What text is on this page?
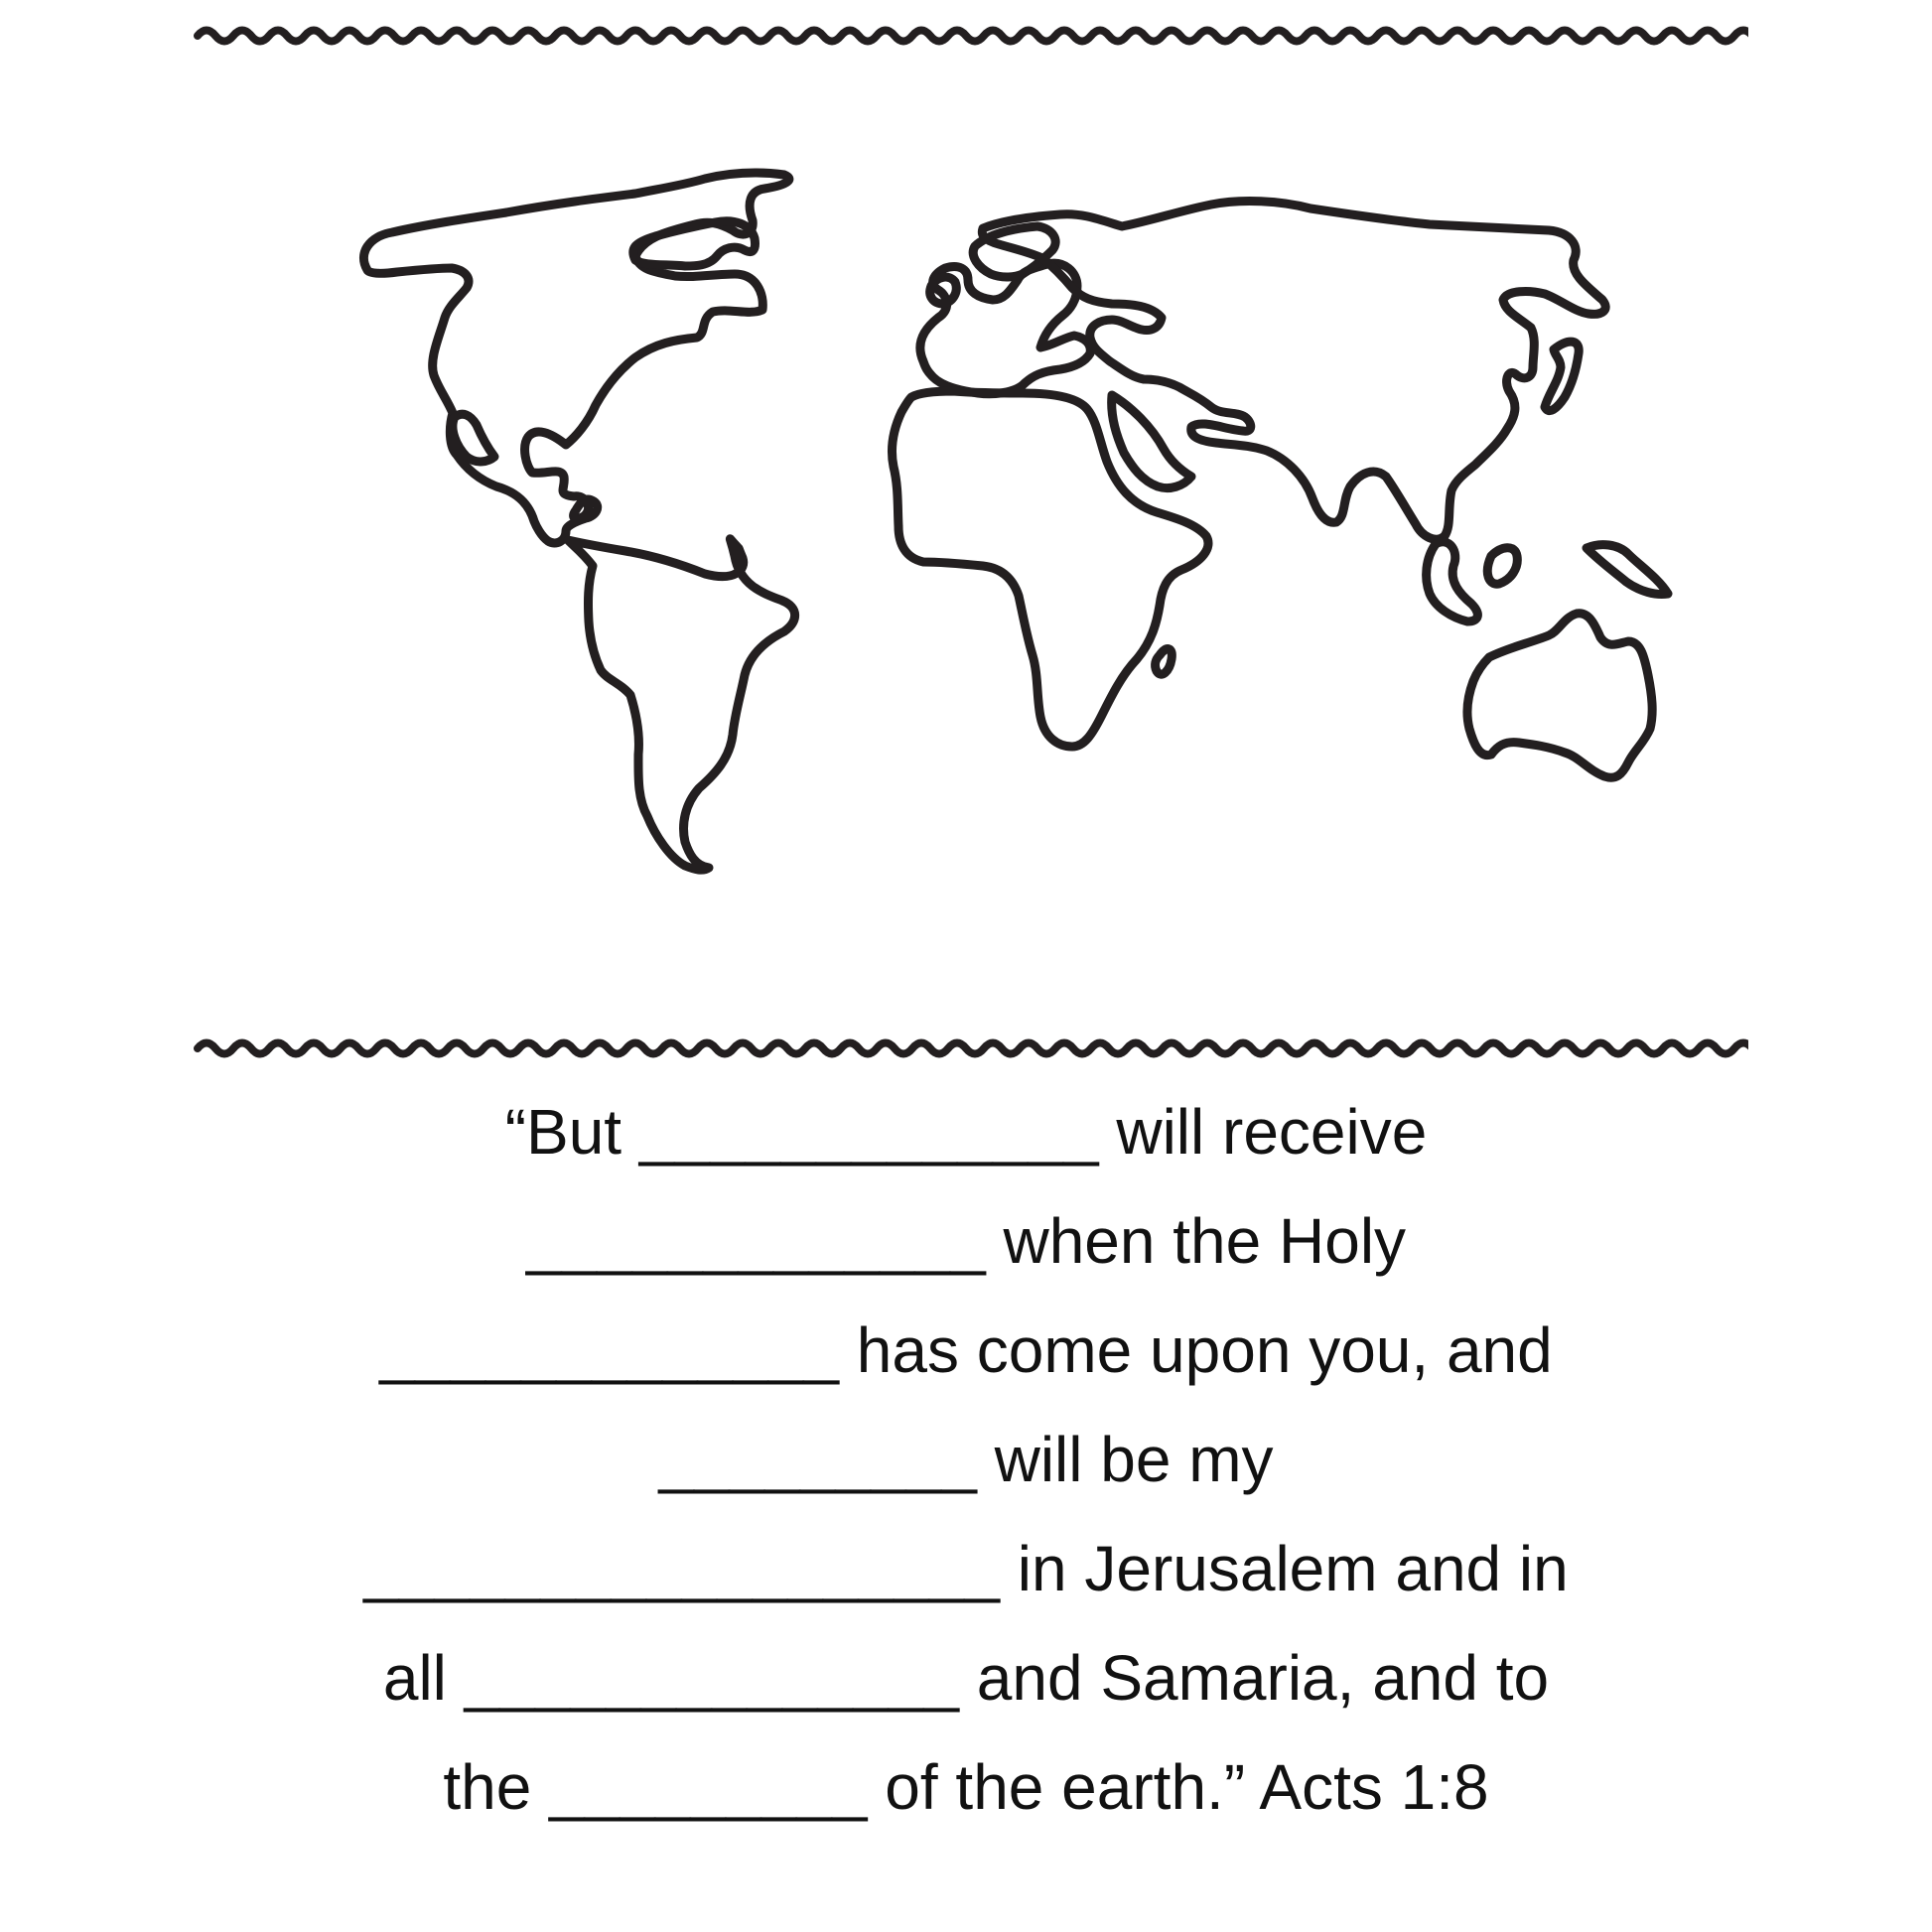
“But _____________ will receive
_____________ when the Holy
_____________ has come upon you, and
_________ will be my
__________________ in Jerusalem and in
all ______________ and Samaria, and to
the _________ of the earth.” Acts 1:8
